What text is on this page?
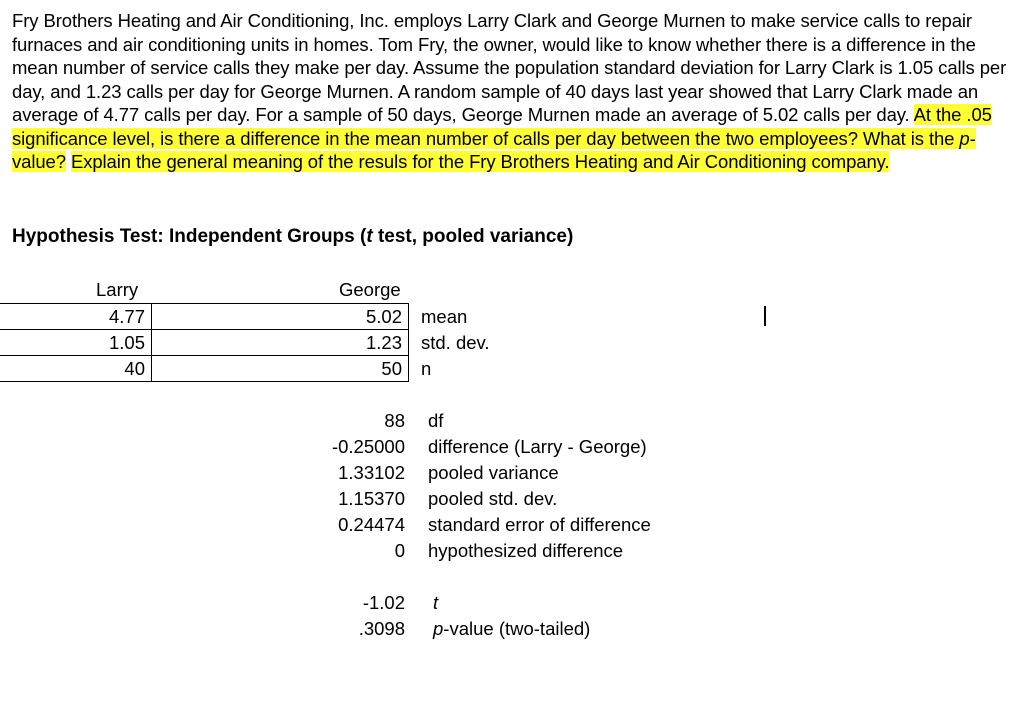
Fry Brothers Heating and Air Conditioning, Inc. employs Larry Clark and George Murnen to make service calls to repair furnaces and air conditioning units in homes. Tom Fry, the owner, would like to know whether there is a difference in the mean number of service calls they make per day. Assume the population standard deviation for Larry Clark is 1.05 calls per day, and 1.23 calls per day for George Murnen. A random sample of 40 days last year showed that Larry Clark made an average of 4.77 calls per day. For a sample of 50 days, George Murnen made an average of 5.02 calls per day. At the .05 significance level, is there a difference in the mean number of calls per day between the two employees? What is the p-value? Explain the general meaning of the resuls for the Fry Brothers Heating and Air Conditioning company.
Hypothesis Test: Independent Groups (t test, pooled variance)
Larry	George
4.77	5.02	mean
1.05	1.23	std. dev.
40	50	n
88 df
-0.25000 difference (Larry - George)
1.33102 pooled variance
1.15370 pooled std. dev.
0.24474 standard error of difference
0 hypothesized difference
-1.02 t
.3098 p-value (two-tailed)
